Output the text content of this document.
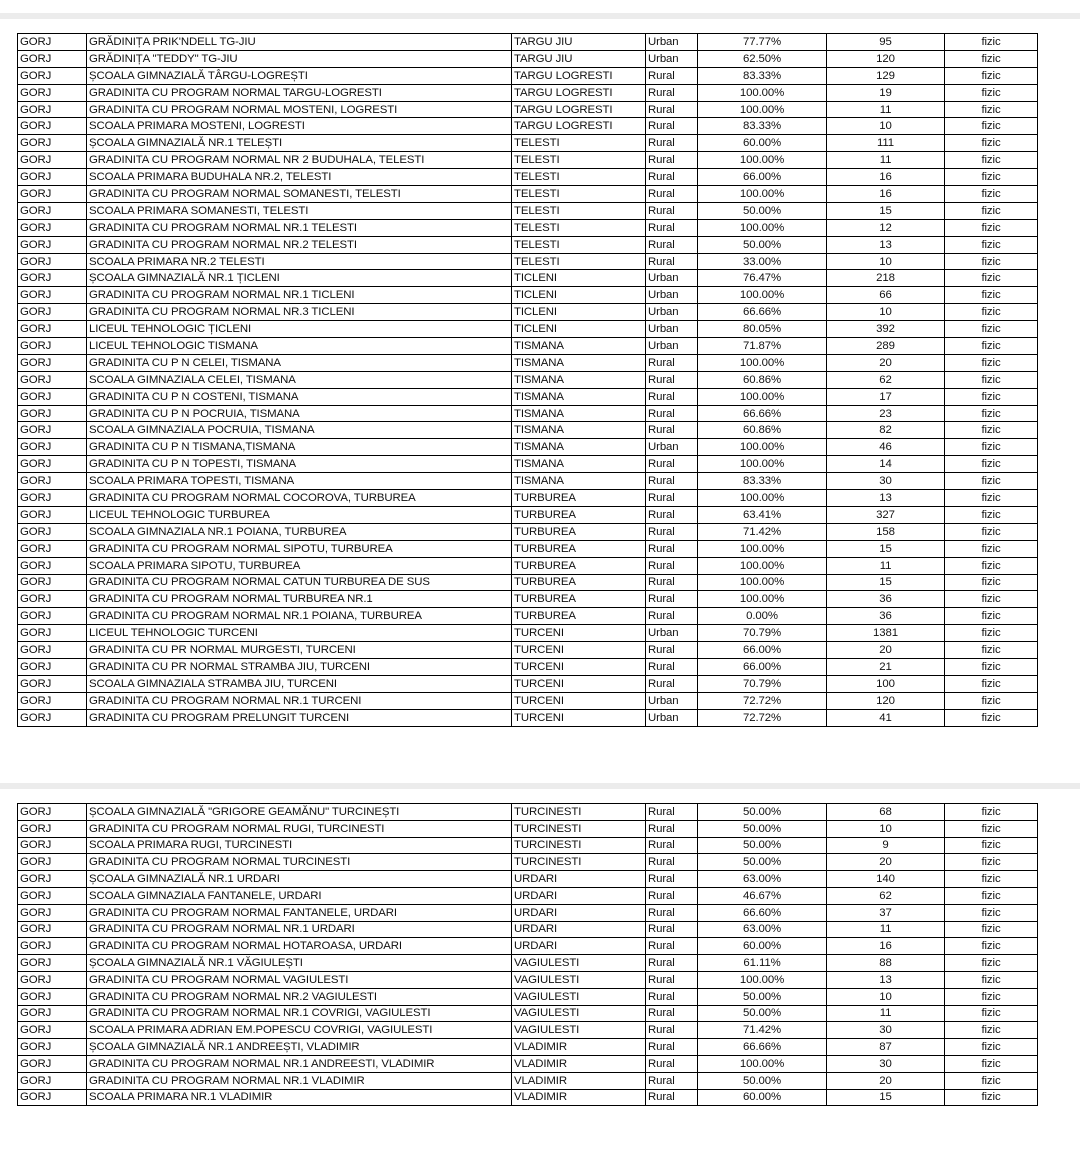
GORJ	GRĂDINIȚA PRIK'NDELL TG-JIU	TARGU JIU	Urban	77.77%	95	fizic
GORJ	GRĂDINIȚA "TEDDY" TG-JIU	TARGU JIU	Urban	62.50%	120	fizic
GORJ	ȘCOALA GIMNAZIALĂ TÂRGU-LOGREȘTI	TARGU LOGRESTI	Rural	83.33%	129	fizic
GORJ	GRADINITA CU PROGRAM NORMAL TARGU-LOGRESTI	TARGU LOGRESTI	Rural	100.00%	19	fizic
GORJ	GRADINITA CU PROGRAM NORMAL MOSTENI, LOGRESTI	TARGU LOGRESTI	Rural	100.00%	11	fizic
GORJ	SCOALA PRIMARA MOSTENI, LOGRESTI	TARGU LOGRESTI	Rural	83.33%	10	fizic
GORJ	ȘCOALA GIMNAZIALĂ NR.1 TELEȘTI	TELESTI	Rural	60.00%	111	fizic
GORJ	GRADINITA CU PROGRAM NORMAL NR 2 BUDUHALA, TELESTI	TELESTI	Rural	100.00%	11	fizic
GORJ	SCOALA PRIMARA BUDUHALA NR.2, TELESTI	TELESTI	Rural	66.00%	16	fizic
GORJ	GRADINITA CU PROGRAM NORMAL SOMANESTI, TELESTI	TELESTI	Rural	100.00%	16	fizic
GORJ	SCOALA PRIMARA SOMANESTI, TELESTI	TELESTI	Rural	50.00%	15	fizic
GORJ	GRADINITA CU PROGRAM NORMAL NR.1 TELESTI	TELESTI	Rural	100.00%	12	fizic
GORJ	GRADINITA CU PROGRAM NORMAL NR.2 TELESTI	TELESTI	Rural	50.00%	13	fizic
GORJ	SCOALA PRIMARA NR.2 TELESTI	TELESTI	Rural	33.00%	10	fizic
GORJ	ȘCOALA GIMNAZIALĂ NR.1 ȚICLENI	TICLENI	Urban	76.47%	218	fizic
GORJ	GRADINITA CU PROGRAM NORMAL NR.1 TICLENI	TICLENI	Urban	100.00%	66	fizic
GORJ	GRADINITA CU PROGRAM NORMAL NR.3 TICLENI	TICLENI	Urban	66.66%	10	fizic
GORJ	LICEUL TEHNOLOGIC ȚICLENI	TICLENI	Urban	80.05%	392	fizic
GORJ	LICEUL TEHNOLOGIC TISMANA	TISMANA	Urban	71.87%	289	fizic
GORJ	GRADINITA CU P N CELEI, TISMANA	TISMANA	Rural	100.00%	20	fizic
GORJ	SCOALA GIMNAZIALA CELEI, TISMANA	TISMANA	Rural	60.86%	62	fizic
GORJ	GRADINITA CU P N COSTENI, TISMANA	TISMANA	Rural	100.00%	17	fizic
GORJ	GRADINITA CU P N POCRUIA, TISMANA	TISMANA	Rural	66.66%	23	fizic
GORJ	SCOALA GIMNAZIALA POCRUIA, TISMANA	TISMANA	Rural	60.86%	82	fizic
GORJ	GRADINITA CU P N TISMANA,TISMANA	TISMANA	Urban	100.00%	46	fizic
GORJ	GRADINITA CU P N TOPESTI, TISMANA	TISMANA	Rural	100.00%	14	fizic
GORJ	SCOALA PRIMARA TOPESTI, TISMANA	TISMANA	Rural	83.33%	30	fizic
GORJ	GRADINITA CU PROGRAM NORMAL COCOROVA, TURBUREA	TURBUREA	Rural	100.00%	13	fizic
GORJ	LICEUL TEHNOLOGIC TURBUREA	TURBUREA	Rural	63.41%	327	fizic
GORJ	SCOALA GIMNAZIALA NR.1 POIANA, TURBUREA	TURBUREA	Rural	71.42%	158	fizic
GORJ	GRADINITA CU PROGRAM NORMAL SIPOTU, TURBUREA	TURBUREA	Rural	100.00%	15	fizic
GORJ	SCOALA PRIMARA SIPOTU, TURBUREA	TURBUREA	Rural	100.00%	11	fizic
GORJ	GRADINITA CU PROGRAM NORMAL CATUN TURBUREA DE SUS	TURBUREA	Rural	100.00%	15	fizic
GORJ	GRADINITA CU PROGRAM NORMAL TURBUREA NR.1	TURBUREA	Rural	100.00%	36	fizic
GORJ	GRADINITA CU PROGRAM NORMAL NR.1 POIANA, TURBUREA	TURBUREA	Rural	0.00%	36	fizic
GORJ	LICEUL TEHNOLOGIC TURCENI	TURCENI	Urban	70.79%	1381	fizic
GORJ	GRADINITA CU PR NORMAL MURGESTI, TURCENI	TURCENI	Rural	66.00%	20	fizic
GORJ	GRADINITA CU PR NORMAL STRAMBA JIU, TURCENI	TURCENI	Rural	66.00%	21	fizic
GORJ	SCOALA GIMNAZIALA STRAMBA JIU, TURCENI	TURCENI	Rural	70.79%	100	fizic
GORJ	GRADINITA CU PROGRAM NORMAL NR.1 TURCENI	TURCENI	Urban	72.72%	120	fizic
GORJ	GRADINITA CU PROGRAM PRELUNGIT TURCENI	TURCENI	Urban	72.72%	41	fizic
GORJ	ȘCOALA GIMNAZIALĂ "GRIGORE GEAMĂNU" TURCINEȘTI	TURCINESTI	Rural	50.00%	68	fizic
GORJ	GRADINITA CU PROGRAM NORMAL RUGI, TURCINESTI	TURCINESTI	Rural	50.00%	10	fizic
GORJ	SCOALA PRIMARA RUGI, TURCINESTI	TURCINESTI	Rural	50.00%	9	fizic
GORJ	GRADINITA CU PROGRAM NORMAL TURCINESTI	TURCINESTI	Rural	50.00%	20	fizic
GORJ	ȘCOALA GIMNAZIALĂ NR.1 URDARI	URDARI	Rural	63.00%	140	fizic
GORJ	SCOALA GIMNAZIALA FANTANELE, URDARI	URDARI	Rural	46.67%	62	fizic
GORJ	GRADINITA CU PROGRAM NORMAL FANTANELE, URDARI	URDARI	Rural	66.60%	37	fizic
GORJ	GRADINITA CU PROGRAM NORMAL NR.1 URDARI	URDARI	Rural	63.00%	11	fizic
GORJ	GRADINITA CU PROGRAM NORMAL HOTAROASA, URDARI	URDARI	Rural	60.00%	16	fizic
GORJ	ȘCOALA GIMNAZIALĂ NR.1 VĂGIULEȘTI	VAGIULESTI	Rural	61.11%	88	fizic
GORJ	GRADINITA CU PROGRAM NORMAL VAGIULESTI	VAGIULESTI	Rural	100.00%	13	fizic
GORJ	GRADINITA CU PROGRAM NORMAL NR.2 VAGIULESTI	VAGIULESTI	Rural	50.00%	10	fizic
GORJ	GRADINITA CU PROGRAM NORMAL NR.1 COVRIGI, VAGIULESTI	VAGIULESTI	Rural	50.00%	11	fizic
GORJ	SCOALA PRIMARA ADRIAN EM.POPESCU COVRIGI, VAGIULESTI	VAGIULESTI	Rural	71.42%	30	fizic
GORJ	ȘCOALA GIMNAZIALĂ NR.1 ANDREEȘTI, VLADIMIR	VLADIMIR	Rural	66.66%	87	fizic
GORJ	GRADINITA CU PROGRAM NORMAL NR.1 ANDREESTI, VLADIMIR	VLADIMIR	Rural	100.00%	30	fizic
GORJ	GRADINITA CU PROGRAM NORMAL NR.1 VLADIMIR	VLADIMIR	Rural	50.00%	20	fizic
GORJ	SCOALA PRIMARA NR.1 VLADIMIR	VLADIMIR	Rural	60.00%	15	fizic
